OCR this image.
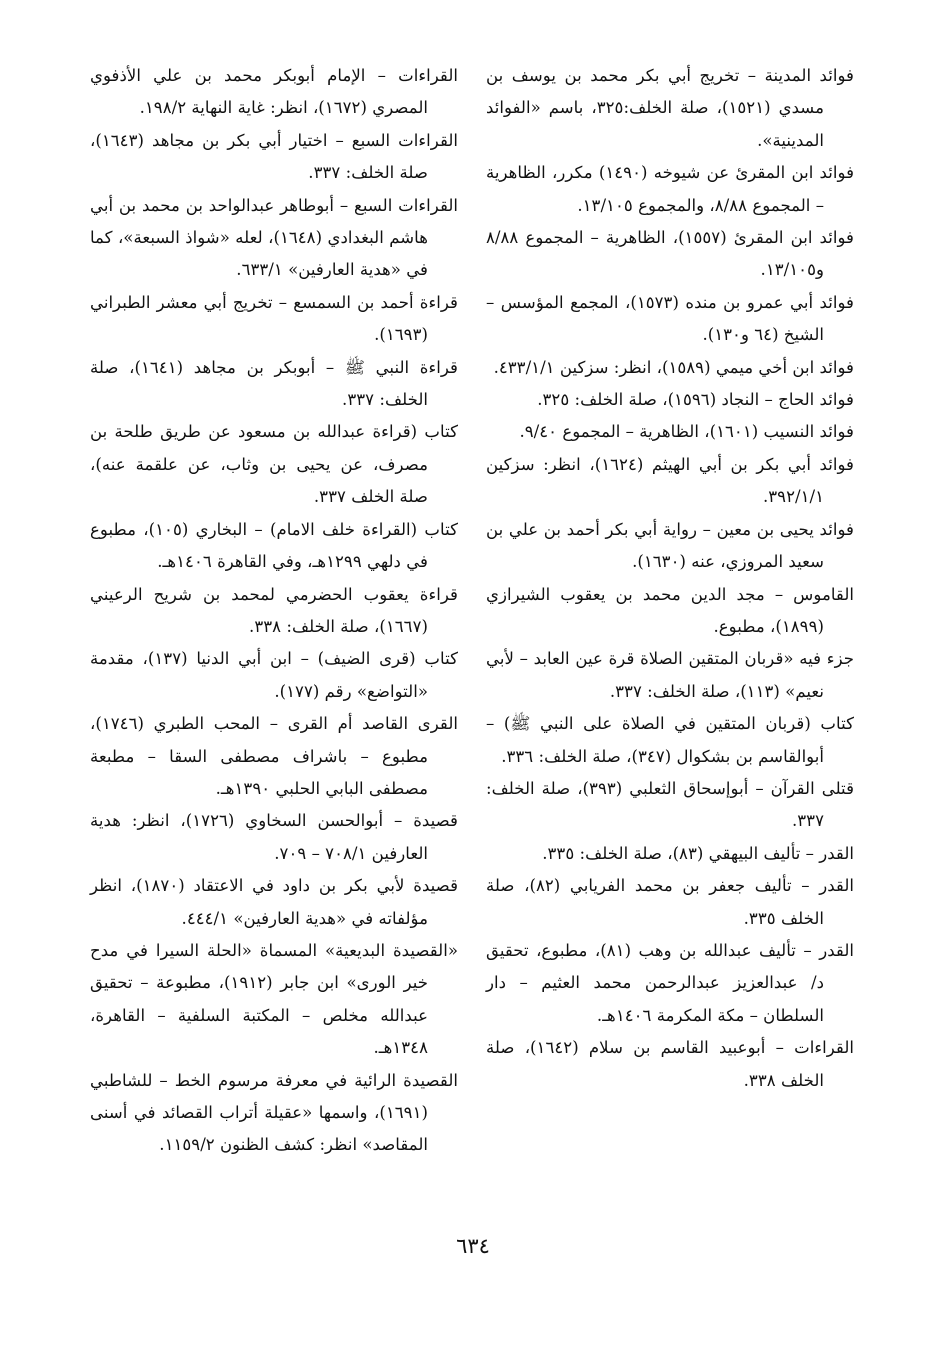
فوائد المدينة – تخريج أبي بكر محمد بن يوسف بن مسدي (١٥٢١)، صلة الخلف:٣٢٥، باسم «الفوائد المدينية».

فوائد ابن المقرئ عن شيوخه (١٤٩٠) مكرر، الظاهرية – المجموع ٨/٨٨، والمجموع ١٣/١٠٥.

فوائد ابن المقرئ (١٥٥٧)، الظاهرية – المجموع ٨/٨٨ و١٣/١٠٥.

فوائد أبي عمرو بن منده (١٥٧٣)، المجمع المؤسس – الشيخ (٦٤ و١٣٠).

فوائد ابن أخي ميمي (١٥٨٩)، انظر: سزكين ٤٣٣/١/١.

فوائد الحاج – النجاد (١٥٩٦)، صلة الخلف: ٣٢٥.

فوائد النسيب (١٦٠١)، الظاهرية – المجموع ٩/٤٠.

فوائد أبي بكر بن أبي الهيثم (١٦٢٤)، انظر: سزكين ٣٩٢/١/١.

فوائد يحيى بن معين – رواية أبي بكر أحمد بن علي بن سعيد المروزي، عنه (١٦٣٠).

القاموس – مجد الدين محمد بن يعقوب الشيرازي (١٨٩٩)، مطبوع.

جزء فيه «قربان المتقين الصلاة قرة عين العابد – لأبي نعيم» (١١٣)، صلة الخلف: ٣٣٧.

كتاب (قربان المتقين في الصلاة على النبي ﷺ) – أبوالقاسم بن بشكوال (٣٤٧)، صلة الخلف: ٣٣٦.

قتلى القرآن – أبوإسحاق الثعلبي (٣٩٣)، صلة الخلف: ٣٣٧.

القدر – تأليف البيهقي (٨٣)، صلة الخلف: ٣٣٥.

القدر – تأليف جعفر بن محمد الفريابي (٨٢)، صلة الخلف ٣٣٥.

القدر – تأليف عبدالله بن وهب (٨١)، مطبوع، تحقيق د/ عبدالعزيز عبدالرحمن محمد العثيم – دار السلطان – مكة المكرمة ١٤٠٦هـ.

القراءات – أبوعبيد القاسم بن سلام (١٦٤٢)، صلة الخلف ٣٣٨.

القراءات – الإمام أبوبكر محمد بن علي الأذفوي المصري (١٦٧٢)، انظر: غاية النهاية ١٩٨/٢.

القراءات السبع – اختيار أبي بكر بن مجاهد (١٦٤٣)، صلة الخلف: ٣٣٧.

القراءات السبع – أبوطاهر عبدالواحد بن محمد بن أبي هاشم البغدادي (١٦٤٨)، لعله «شواذ السبعة»، كما في «هدية العارفين» ٦٣٣/١.

قراءة أحمد بن السمسع – تخريج أبي معشر الطبراني (١٦٩٣).

قراءة النبي ﷺ – أبوبكر بن مجاهد (١٦٤١)، صلة الخلف: ٣٣٧.

كتاب (قراءة عبدالله بن مسعود عن طريق طلحة بن مصرف، عن يحيى بن وثاب، عن علقمة عنه)، صلة الخلف ٣٣٧.

كتاب (القراءة خلف الامام) – البخاري (١٠٥)، مطبوع في دلهي ١٢٩٩هـ، وفي القاهرة ١٤٠٦هـ.

قراءة يعقوب الحضرمي لمحمد بن شريح الرعيني (١٦٦٧)، صلة الخلف: ٣٣٨.

كتاب (قرى الضيف) – ابن أبي الدنيا (١٣٧)، مقدمة «التواضع» رقم (١٧٧).

القرى القاصد أم القرى – المحب الطبري (١٧٤٦)، مطبوع – باشراف مصطفى السقا – مطبعة مصطفى البابي الحلبي ١٣٩٠هـ.

قصيدة – أبوالحسن السخاوي (١٧٢٦)، انظر: هدية العارفين ٧٠٨/١ – ٧٠٩.

قصيدة لأبي بكر بن داود في الاعتقاد (١٨٧٠)، انظر مؤلفاته في «هدية العارفين» ٤٤٤/١.

«القصيدة البديعية» المسماة «الحلة السيرا في مدح خير الورى» ابن جابر (١٩١٢)، مطبوعة – تحقيق عبدالله مخلص – المكتبة السلفية – القاهرة، ١٣٤٨هـ.

القصيدة الرائية في معرفة مرسوم الخط – للشاطبي (١٦٩١)، واسمها «عقيلة أتراب القصائد في أسنى المقاصد» انظر: كشف الظنون ١١٥٩/٢.

٦٣٤
